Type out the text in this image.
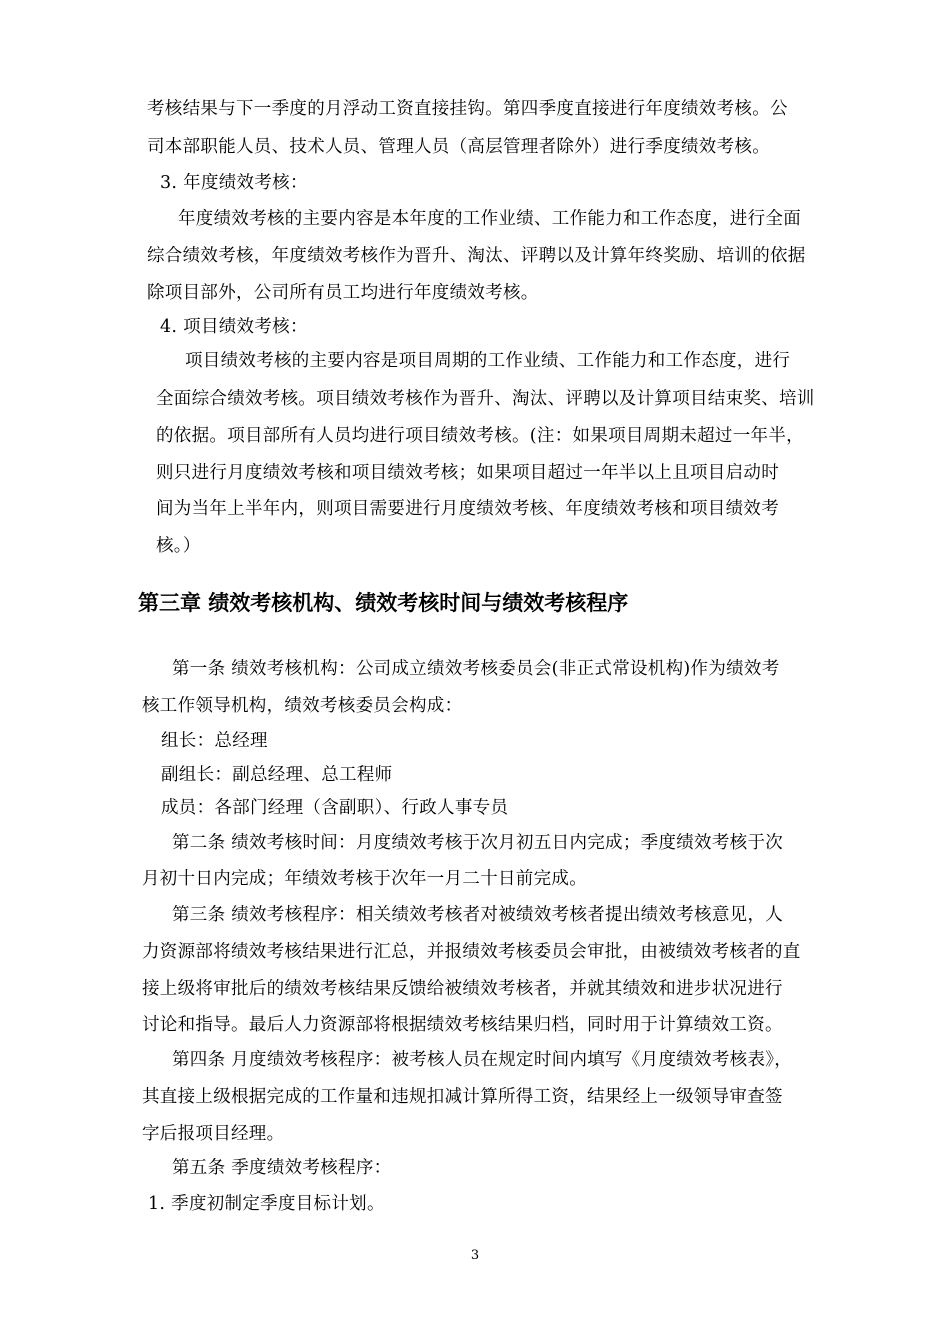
考核结果与下一季度的月浮动工资直接挂钩。第四季度直接进行年度绩效考核。公
司本部职能人员、技术人员、管理人员（高层管理者除外）进行季度绩效考核。
3. 年度绩效考核：
年度绩效考核的主要内容是本年度的工作业绩、工作能力和工作态度，进行全面
综合绩效考核，年度绩效考核作为晋升、淘汰、评聘以及计算年终奖励、培训的依据
除项目部外，公司所有员工均进行年度绩效考核。
4. 项目绩效考核：
项目绩效考核的主要内容是项目周期的工作业绩、工作能力和工作态度，进行
全面综合绩效考核。项目绩效考核作为晋升、淘汰、评聘以及计算项目结束奖、培训
的依据。项目部所有人员均进行项目绩效考核。(注：如果项目周期未超过一年半，
则只进行月度绩效考核和项目绩效考核；如果项目超过一年半以上且项目启动时
间为当年上半年内，则项目需要进行月度绩效考核、年度绩效考核和项目绩效考
核。）
第三章 绩效考核机构、绩效考核时间与绩效考核程序
第一条 绩效考核机构：公司成立绩效考核委员会(非正式常设机构)作为绩效考
核工作领导机构，绩效考核委员会构成：
组长：总经理
副组长：副总经理、总工程师
成员：各部门经理（含副职）、行政人事专员
第二条 绩效考核时间：月度绩效考核于次月初五日内完成；季度绩效考核于次
月初十日内完成；年绩效考核于次年一月二十日前完成。
第三条 绩效考核程序：相关绩效考核者对被绩效考核者提出绩效考核意见，人
力资源部将绩效考核结果进行汇总，并报绩效考核委员会审批，由被绩效考核者的直
接上级将审批后的绩效考核结果反馈给被绩效考核者，并就其绩效和进步状况进行
讨论和指导。最后人力资源部将根据绩效考核结果归档，同时用于计算绩效工资。
第四条 月度绩效考核程序：被考核人员在规定时间内填写《月度绩效考核表》，
其直接上级根据完成的工作量和违规扣减计算所得工资，结果经上一级领导审查签
字后报项目经理。
第五条 季度绩效考核程序：
1. 季度初制定季度目标计划。
3
